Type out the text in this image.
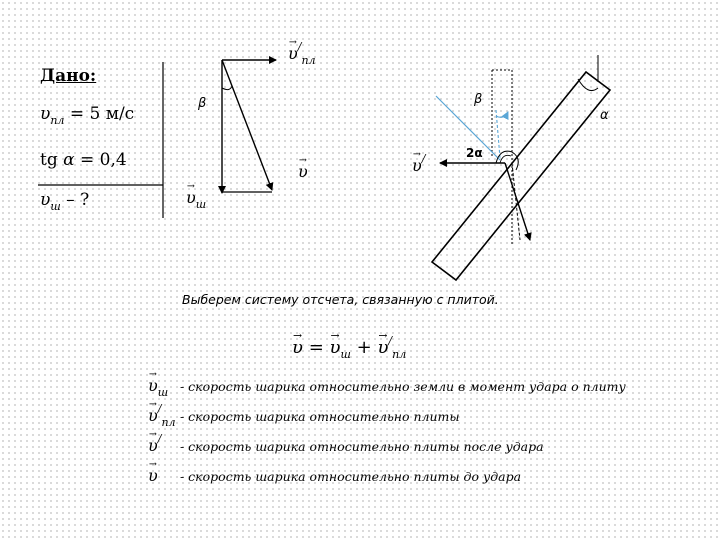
Дано:
$\upsilon_{пл} = 5$ м/с
tg α = 0,4
$\upsilon_ш$ – ?
→ $\upsilon^/_{пл}$
β
→ υ
→ $\upsilon_ш$
β
α
2α
→ υ/
Выберем систему отсчета, связанную с плитой.
→ υ = → $\upsilon_ш$ + → $\upsilon^/_{пл}$
→ $\upsilon_ш$ - скорость шарика относительно земли в момент удара о плиту
→ $\upsilon^/_{пл}$ - скорость шарика относительно плиты
→ υ/ - скорость шарика относительно плиты после удара
→ υ - скорость шарика относительно плиты до удара
